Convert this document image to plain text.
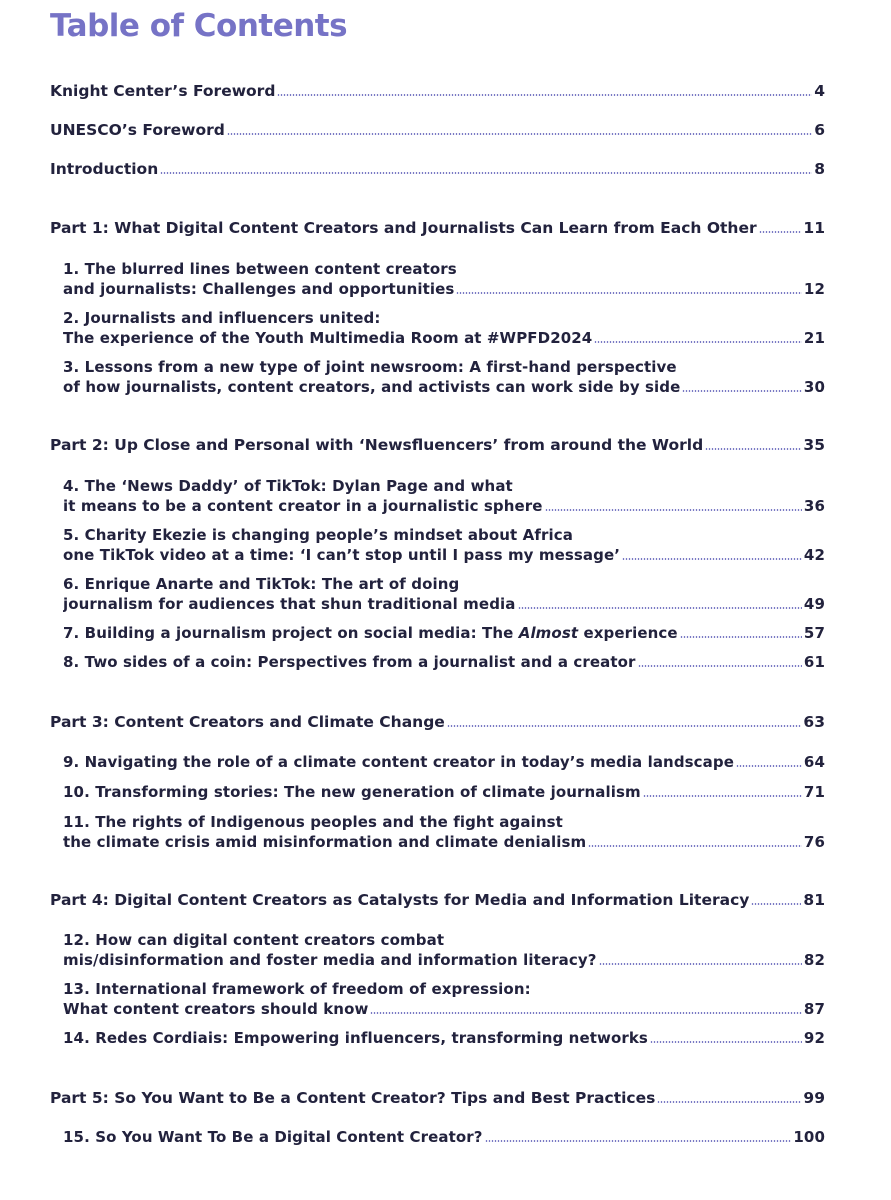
Table of Contents
Knight Center’s Foreword	4
UNESCO’s Foreword	6
Introduction	8
Part 1: What Digital Content Creators and Journalists Can Learn from Each Other	11
1. The blurred lines between content creators
and journalists: Challenges and opportunities	12
2. Journalists and influencers united:
The experience of the Youth Multimedia Room at #WPFD2024	21
3. Lessons from a new type of joint newsroom: A first-hand perspective
of how journalists, content creators, and activists can work side by side	30
Part 2: Up Close and Personal with ‘Newsfluencers’ from around the World	35
4. The ‘News Daddy’ of TikTok: Dylan Page and what
it means to be a content creator in a journalistic sphere	36
5. Charity Ekezie is changing people’s mindset about Africa
one TikTok video at a time: ‘I can’t stop until I pass my message’	42
6. Enrique Anarte and TikTok: The art of doing
journalism for audiences that shun traditional media	49
7. Building a journalism project on social media: The Almost experience	57
8. Two sides of a coin: Perspectives from a journalist and a creator	61
Part 3: Content Creators and Climate Change	63
9. Navigating the role of a climate content creator in today’s media landscape	64
10. Transforming stories: The new generation of climate journalism	71
11. The rights of Indigenous peoples and the fight against
the climate crisis amid misinformation and climate denialism	76
Part 4: Digital Content Creators as Catalysts for Media and Information Literacy	81
12. How can digital content creators combat
mis/disinformation and foster media and information literacy?	82
13. International framework of freedom of expression:
What content creators should know	87
14. Redes Cordiais: Empowering influencers, transforming networks	92
Part 5: So You Want to Be a Content Creator? Tips and Best Practices	99
15. So You Want To Be a Digital Content Creator?	100
